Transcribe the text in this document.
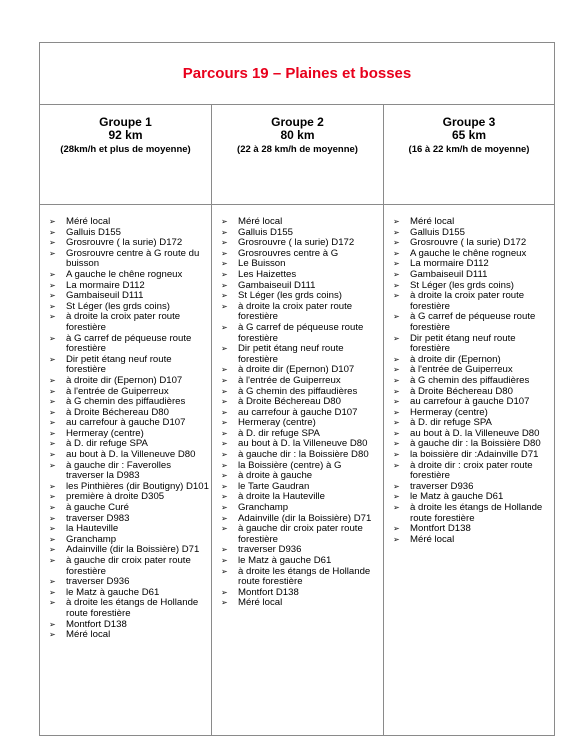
Parcours 19 – Plaines et bosses
Groupe 1
92 km
(28km/h et plus de moyenne)
Groupe 2
80 km
(22 à 28 km/h de moyenne)
Groupe 3
65 km
(16 à 22 km/h de moyenne)
➢ Méré local
➢ Galluis D155
➢ Grosrouvre ( la surie) D172
➢ Grosrouvre centre à G route du buisson
➢ A gauche le chêne rogneux
➢ La mormaire D112
➢ Gambaiseuil D111
➢ St Léger (les grds coins)
➢ à droite la croix pater route forestière
➢ à G carref de péqueuse route forestière
➢ Dir petit étang neuf route forestière
➢ à droite dir (Epernon) D107
➢ à l'entrée de Guiperreux
➢ à G chemin des piffaudières
➢ à Droite Béchereau D80
➢ au carrefour à gauche D107
➢ Hermeray (centre)
➢ à D. dir refuge SPA
➢ au bout à D. la Villeneuve D80
➢ à gauche dir : Faverolles traverser la D983
➢ les Pinthières (dir Boutigny) D101
➢ première à droite D305
➢ à gauche Curé
➢ traverser D983
➢ la Hauteville
➢ Granchamp
➢ Adainville (dir la Boissière) D71
➢ à gauche dir croix pater route forestière
➢ traverser D936
➢ le Matz à gauche D61
➢ à droite les étangs de Hollande route forestière
➢ Montfort D138
➢ Méré local
➢ Méré local
➢ Galluis D155
➢ Grosrouvre ( la surie) D172
➢ Grosrouvres centre à G
➢ Le Buisson
➢ Les Haizettes
➢ Gambaiseuil D111
➢ St Léger (les grds coins)
➢ à droite la croix pater route forestière
➢ à G carref de péqueuse route forestière
➢ Dir petit étang neuf route forestière
➢ à droite dir (Epernon) D107
➢ à l'entrée de Guiperreux
➢ à G chemin des piffaudières
➢ à Droite Béchereau D80
➢ au carrefour à gauche D107
➢ Hermeray (centre)
➢ à D. dir refuge SPA
➢ au bout à D. la Villeneuve D80
➢ à gauche dir : la Boissière D80
➢ la Boissière (centre) à G
➢ à droite à gauche
➢ le Tarte Gaudran
➢ à droite la Hauteville
➢ Granchamp
➢ Adainville (dir la Boissière) D71
➢ à gauche dir croix pater route forestière
➢ traverser D936
➢ le Matz à gauche D61
➢ à droite les étangs de Hollande route forestière
➢ Montfort D138
➢ Méré local
➢ Méré local
➢ Galluis D155
➢ Grosrouvre ( la surie) D172
➢ A gauche le chêne rogneux
➢ La mormaire D112
➢ Gambaiseuil D111
➢ St Léger (les grds coins)
➢ à droite la croix pater route forestière
➢ à G carref de péqueuse route forestière
➢ Dir petit étang neuf route forestière
➢ à droite dir (Epernon)
➢ à l'entrée de Guiperreux
➢ à G chemin des piffaudières
➢ à Droite Béchereau D80
➢ au carrefour à gauche D107
➢ Hermeray (centre)
➢ à D. dir refuge SPA
➢ au bout à D. la Villeneuve D80
➢ à gauche dir : la Boissière D80
➢ la boissière dir :Adainville D71
➢ à droite dir : croix pater route forestière
➢ traverser D936
➢ le Matz à gauche D61
➢ à droite les étangs de Hollande route forestière
➢ Montfort D138
➢ Méré local
